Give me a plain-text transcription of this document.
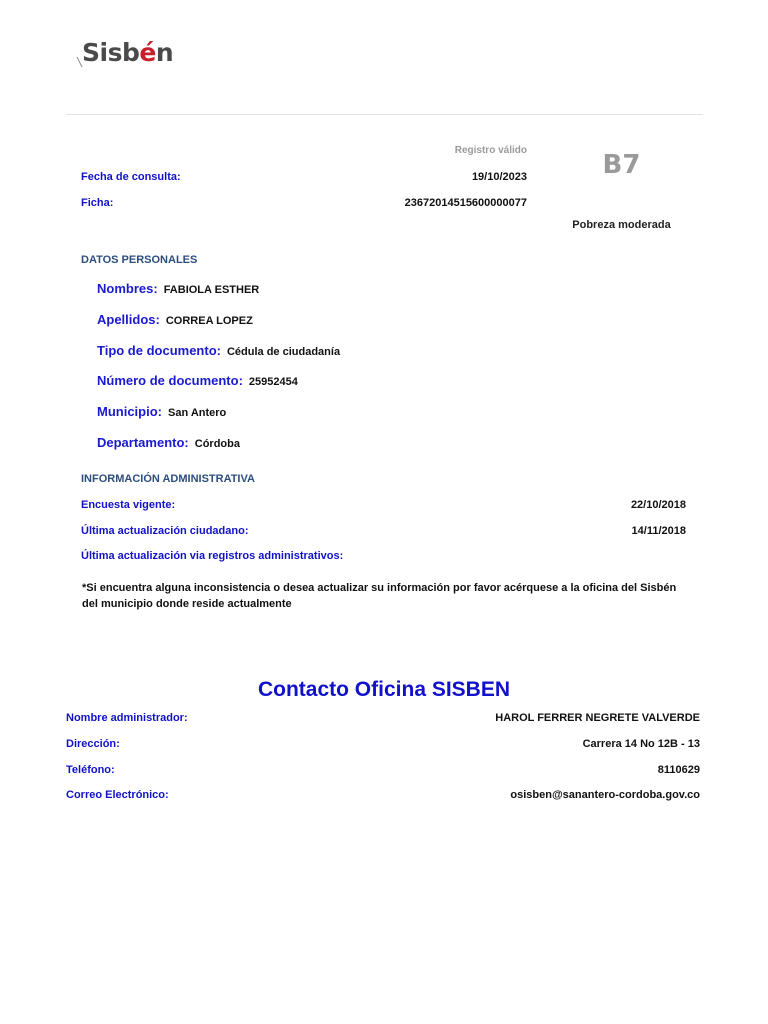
Sisbén
Registro válido
Fecha de consulta:	19/10/2023
Ficha:	23672014515600000077
B7
Pobreza moderada
DATOS PERSONALES
Nombres: FABIOLA ESTHER
Apellidos: CORREA LOPEZ
Tipo de documento: Cédula de ciudadanía
Número de documento: 25952454
Municipio: San Antero
Departamento: Córdoba
INFORMACIÓN ADMINISTRATIVA
Encuesta vigente:	22/10/2018
Última actualización ciudadano:	14/11/2018
Última actualización via registros administrativos:
*Si encuentra alguna inconsistencia o desea actualizar su información por favor acérquese a la oficina del Sisbén del municipio donde reside actualmente
Contacto Oficina SISBEN
Nombre administrador:	HAROL FERRER NEGRETE VALVERDE
Dirección:	Carrera 14 No 12B - 13
Teléfono:	8110629
Correo Electrónico:	osisben@sanantero-cordoba.gov.co
